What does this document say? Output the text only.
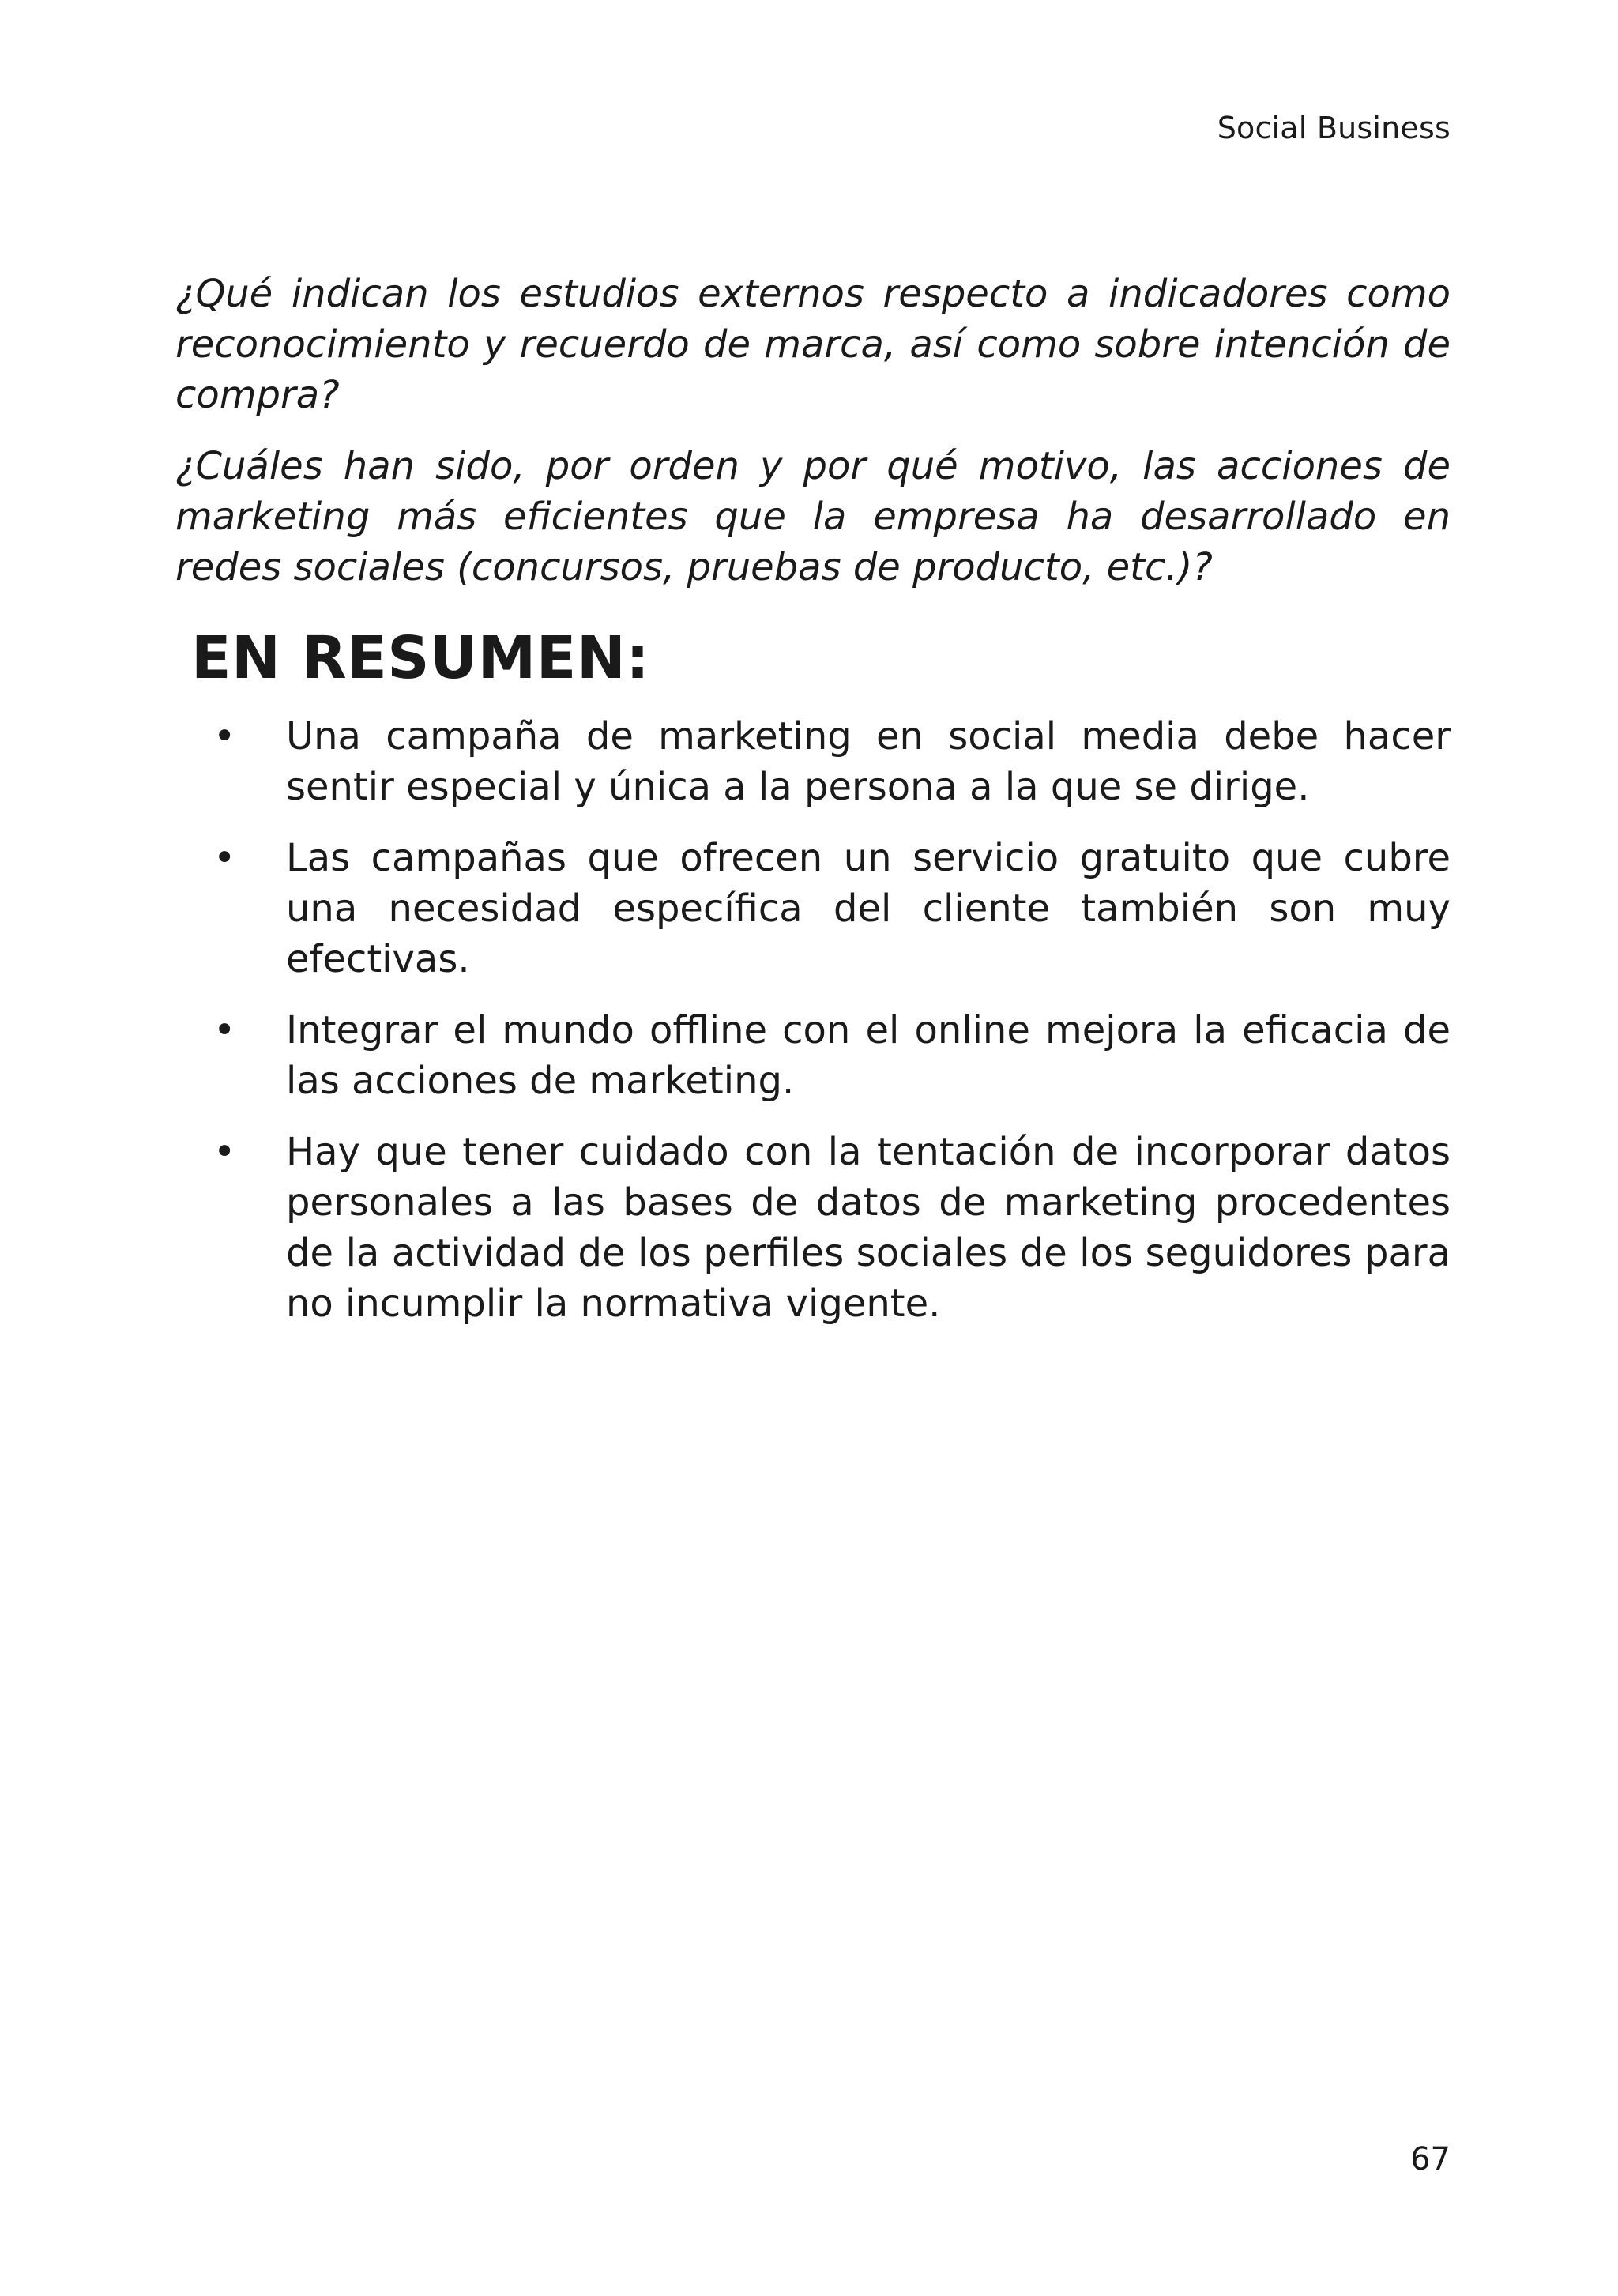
Social Business

¿Qué indican los estudios externos respecto a indicadores como reconocimiento y recuerdo de marca, así como sobre intención de compra?

¿Cuáles han sido, por orden y por qué motivo, las acciones de marketing más eficientes que la empresa ha desarrollado en redes sociales (concursos, pruebas de producto, etc.)?

EN RESUMEN:
• Una campaña de marketing en social media debe hacer sentir especial y única a la persona a la que se dirige.
• Las campañas que ofrecen un servicio gratuito que cubre una necesidad específica del cliente también son muy efectivas.
• Integrar el mundo offline con el online mejora la eficacia de las acciones de marketing.
• Hay que tener cuidado con la tentación de incorporar datos personales a las bases de datos de marketing procedentes de la actividad de los perfiles sociales de los seguidores para no incumplir la normativa vigente.
67
